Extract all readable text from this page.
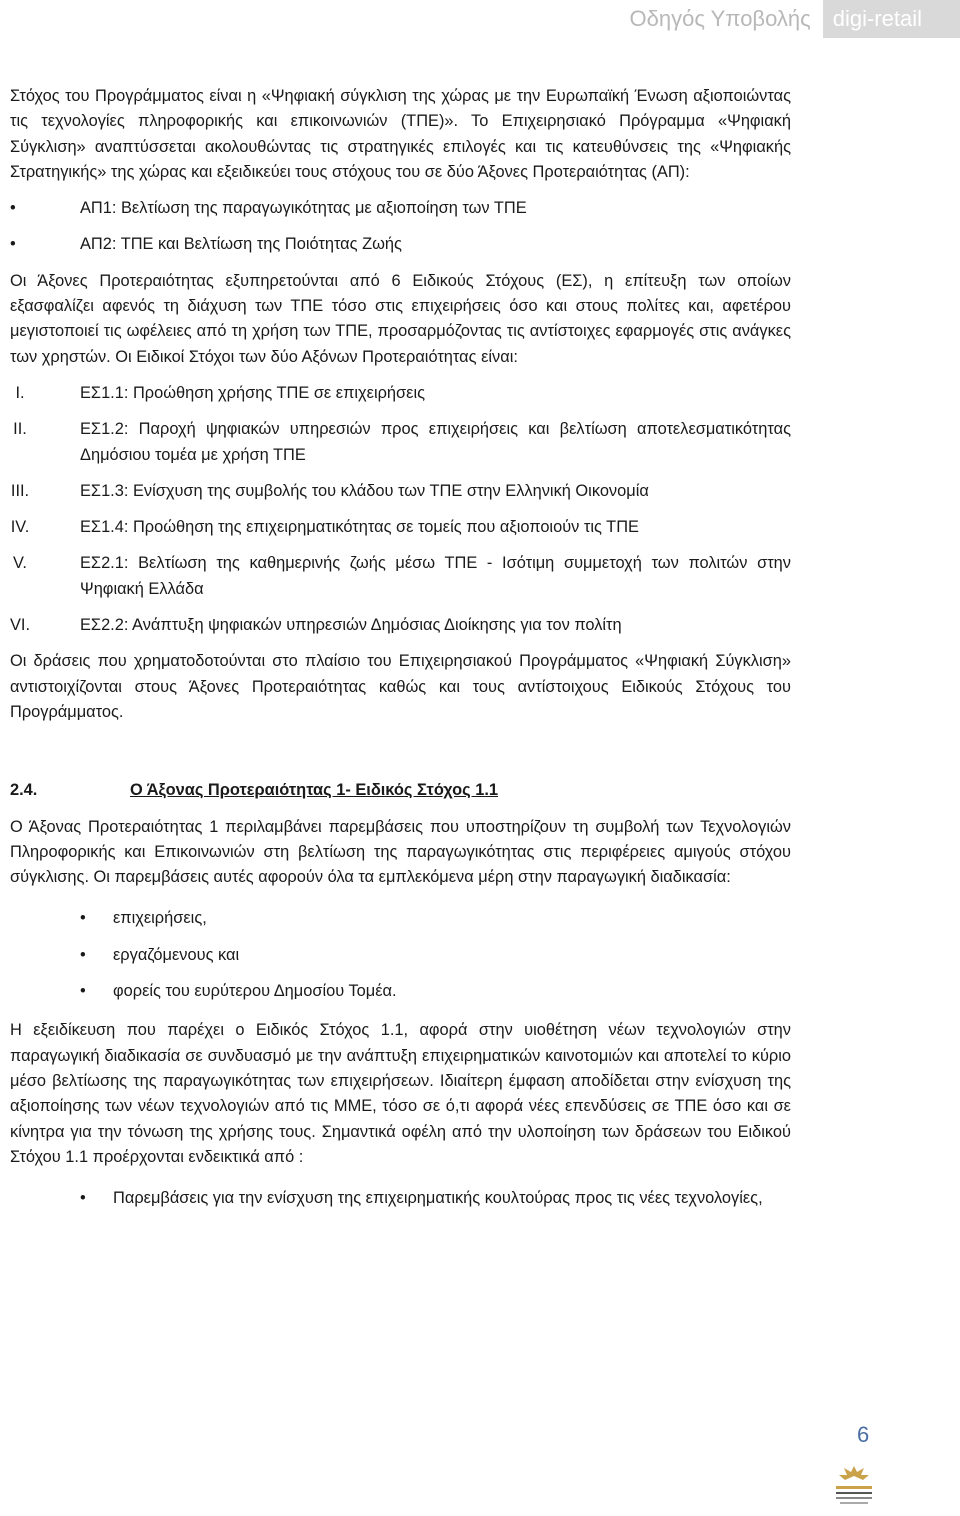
Οδηγός Υποβολής	digi-retail

Στόχος του Προγράμματος είναι η «Ψηφιακή σύγκλιση της χώρας με την Ευρωπαϊκή Ένωση αξιοποιώντας τις τεχνολογίες πληροφορικής και επικοινωνιών (ΤΠΕ)». Το Επιχειρησιακό Πρόγραμμα «Ψηφιακή Σύγκλιση» αναπτύσσεται ακολουθώντας τις στρατηγικές επιλογές και τις κατευθύνσεις της «Ψηφιακής Στρατηγικής» της χώρας και εξειδικεύει τους στόχους του σε δύο Άξονες Προτεραιότητας (ΑΠ):

•	ΑΠ1: Βελτίωση της παραγωγικότητας με αξιοποίηση των ΤΠΕ

•	ΑΠ2: ΤΠΕ και Βελτίωση της Ποιότητας Ζωής

Οι Άξονες Προτεραιότητας εξυπηρετούνται από 6 Ειδικούς Στόχους (ΕΣ), η επίτευξη των οποίων εξασφαλίζει αφενός τη διάχυση των ΤΠΕ τόσο στις επιχειρήσεις όσο και στους πολίτες και, αφετέρου μεγιστοποιεί τις ωφέλειες από τη χρήση των ΤΠΕ, προσαρμόζοντας τις αντίστοιχες εφαρμογές στις ανάγκες των χρηστών. Οι Ειδικοί Στόχοι των δύο Αξόνων Προτεραιότητας είναι:

I.	ΕΣ1.1: Προώθηση χρήσης ΤΠΕ σε επιχειρήσεις

II.	ΕΣ1.2: Παροχή ψηφιακών υπηρεσιών προς επιχειρήσεις και βελτίωση αποτελεσματικότητας Δημόσιου τομέα με χρήση ΤΠΕ

III.	ΕΣ1.3: Ενίσχυση της συμβολής του κλάδου των ΤΠΕ στην Ελληνική Οικονομία

IV.	ΕΣ1.4: Προώθηση της επιχειρηματικότητας σε τομείς που αξιοποιούν τις ΤΠΕ

V.	ΕΣ2.1: Βελτίωση της καθημερινής ζωής μέσω ΤΠΕ - Ισότιμη συμμετοχή των πολιτών στην Ψηφιακή Ελλάδα

VI.	ΕΣ2.2: Ανάπτυξη ψηφιακών υπηρεσιών Δημόσιας Διοίκησης για τον πολίτη

Οι δράσεις που χρηματοδοτούνται στο πλαίσιο του Επιχειρησιακού Προγράμματος «Ψηφιακή Σύγκλιση» αντιστοιχίζονται στους Άξονες Προτεραιότητας καθώς και τους αντίστοιχους Ειδικούς Στόχους του Προγράμματος.

2.4.	Ο Άξονας Προτεραιότητας 1- Ειδικός Στόχος 1.1

Ο Άξονας Προτεραιότητας 1 περιλαμβάνει παρεμβάσεις που υποστηρίζουν τη συμβολή των Τεχνολογιών Πληροφορικής και Επικοινωνιών στη βελτίωση της παραγωγικότητας στις περιφέρειες αμιγούς στόχου σύγκλισης. Οι παρεμβάσεις αυτές αφορούν όλα τα εμπλεκόμενα μέρη στην παραγωγική διαδικασία:

• επιχειρήσεις,

• εργαζόμενους και

• φορείς του ευρύτερου Δημοσίου Τομέα.

Η εξειδίκευση που παρέχει ο Ειδικός Στόχος 1.1, αφορά στην υιοθέτηση νέων τεχνολογιών στην παραγωγική διαδικασία σε συνδυασμό με την ανάπτυξη επιχειρηματικών καινοτομιών και αποτελεί το κύριο μέσο βελτίωσης της παραγωγικότητας των επιχειρήσεων. Ιδιαίτερη έμφαση αποδίδεται στην ενίσχυση της αξιοποίησης των νέων τεχνολογιών από τις ΜΜΕ, τόσο σε ό,τι αφορά νέες επενδύσεις σε ΤΠΕ όσο και σε κίνητρα για την τόνωση της χρήσης τους. Σημαντικά οφέλη από την υλοποίηση των δράσεων του Ειδικού Στόχου 1.1 προέρχονται ενδεικτικά από :

• Παρεμβάσεις για την ενίσχυση της επιχειρηματικής κουλτούρας προς τις νέες τεχνολογίες,

6
